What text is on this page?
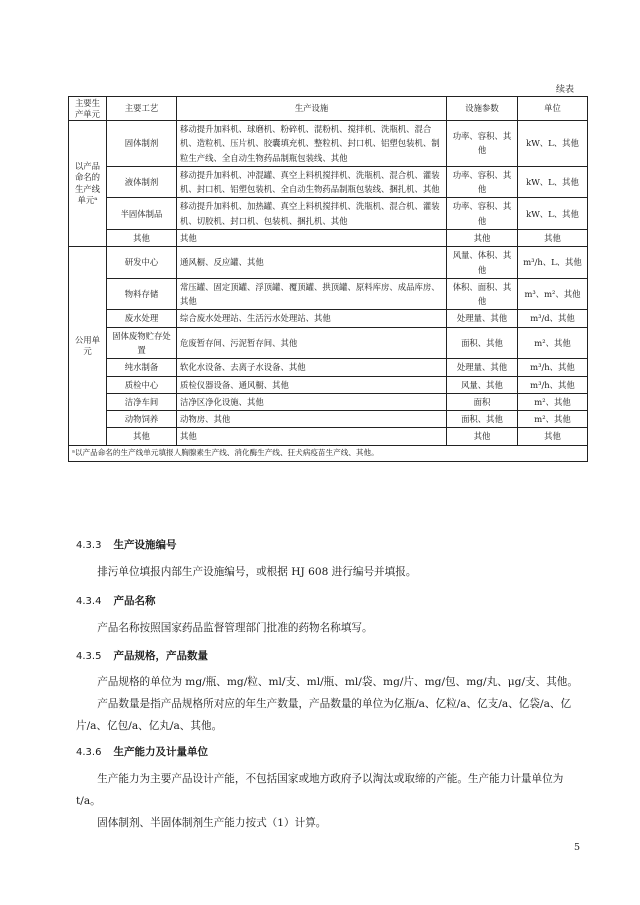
续表
主要生产单元	主要工艺	生产设施	设施参数	单位
以产品命名的生产线单元ᵃ	固体制剂	移动提升加料机、球磨机、粉碎机、混粉机、搅拌机、洗瓶机、混合机、造粒机、压片机、胶囊填充机、整粒机、封口机、铝塑包装机、制粒生产线、全自动生物药品制瓶包装线、其他	功率、容积、其他	kW、L、其他
	液体制剂	移动提升加料机、冲混罐、真空上料机搅拌机、洗瓶机、混合机、灌装机、封口机、铝塑包装机、全自动生物药品制瓶包装线、捆扎机、其他	功率、容积、其他	kW、L、其他
	半固体制品	移动提升加料机、加热罐、真空上料机搅拌机、洗瓶机、混合机、灌装机、切胶机、封口机、包装机、捆扎机、其他	功率、容积、其他	kW、L、其他
	其他	其他	其他	其他
公用单元	研发中心	通风橱、反应罐、其他	风量、体积、其他	m³/h、L、其他
	物料存储	常压罐、固定顶罐、浮顶罐、覆顶罐、拱顶罐、原料库房、成品库房、其他	体积、面积、其他	m³、m²、其他
	废水处理	综合废水处理站、生活污水处理站、其他	处理量、其他	m³/d、其他
	固体废物贮存处置	危废暂存间、污泥暂存间、其他	面积、其他	m²、其他
	纯水制备	软化水设备、去离子水设备、其他	处理量、其他	m³/h、其他
	质检中心	质检仪器设备、通风橱、其他	风量、其他	m³/h、其他
	洁净车间	洁净区净化设施、其他	面积	m²、其他
	动物饲养	动物房、其他	面积、其他	m²、其他
	其他	其他	其他	其他
ᵃ以产品命名的生产线单元填报人胸腺素生产线、消化酶生产线、狂犬病疫苗生产线、其他。				
4.3.3 生产设施编号
排污单位填报内部生产设施编号，或根据 HJ 608 进行编号并填报。
4.3.4 产品名称
产品名称按照国家药品监督管理部门批准的药物名称填写。
4.3.5 产品规格，产品数量
产品规格的单位为 mg/瓶、mg/粒、ml/支、ml/瓶、ml/袋、mg/片、mg/包、mg/丸、μg/支、其他。
产品数量是指产品规格所对应的年生产数量，产品数量的单位为亿瓶/a、亿粒/a、亿支/a、亿袋/a、亿片/a、亿包/a、亿丸/a、其他。
4.3.6 生产能力及计量单位
生产能力为主要产品设计产能，不包括国家或地方政府予以淘汰或取缔的产能。生产能力计量单位为 t/a。
固体制剂、半固体制剂生产能力按式（1）计算。
5
